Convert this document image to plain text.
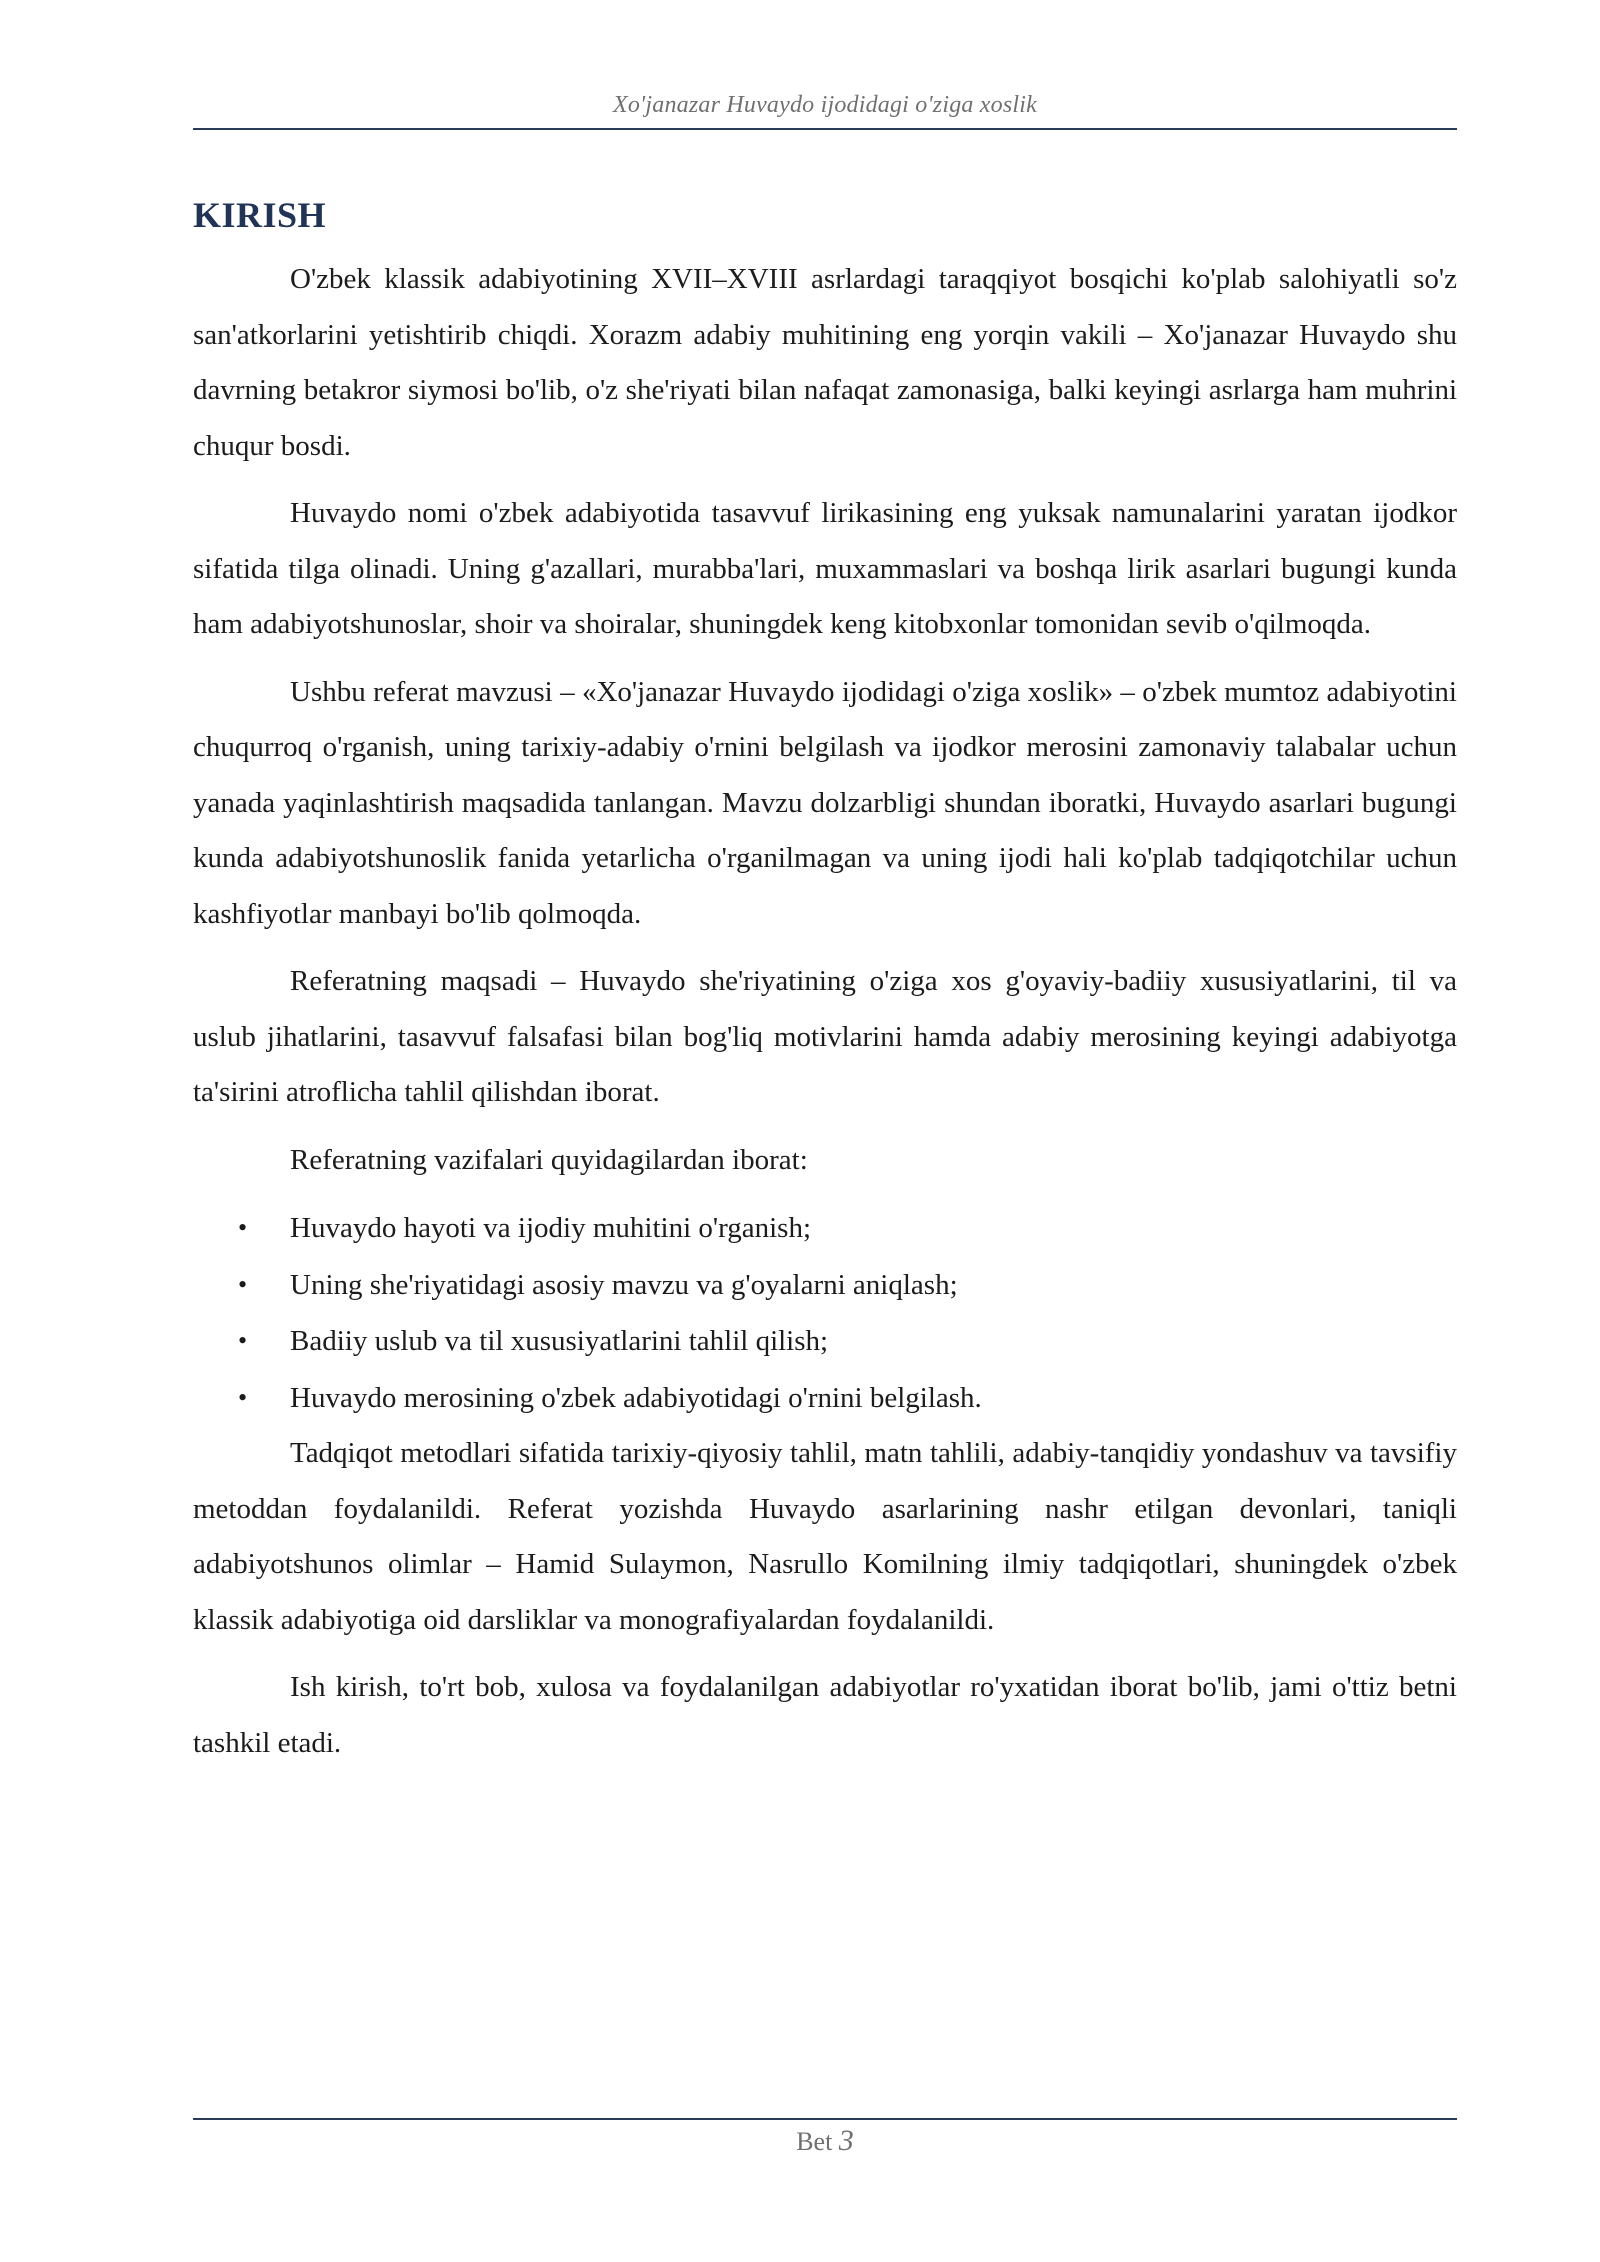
Xo'janazar Huvaydo ijodidagi o'ziga xoslik
KIRISH

O'zbek klassik adabiyotining XVII–XVIII asrlardagi taraqqiyot bosqichi ko'plab salohiyatli so'z san'atkorlarini yetishtirib chiqdi. Xorazm adabiy muhitining eng yorqin vakili – Xo'janazar Huvaydo shu davrning betakror siymosi bo'lib, o'z she'riyati bilan nafaqat zamonasiga, balki keyingi asrlarga ham muhrini chuqur bosdi.

Huvaydo nomi o'zbek adabiyotida tasavvuf lirikasining eng yuksak namunalarini yaratan ijodkor sifatida tilga olinadi. Uning g'azallari, murabba'lari, muxammaslari va boshqa lirik asarlari bugungi kunda ham adabiyotshunoslar, shoir va shoiralar, shuningdek keng kitobxonlar tomonidan sevib o'qilmoqda.

Ushbu referat mavzusi – «Xo'janazar Huvaydo ijodidagi o'ziga xoslik» – o'zbek mumtoz adabiyotini chuqurroq o'rganish, uning tarixiy-adabiy o'rnini belgilash va ijodkor merosini zamonaviy talabalar uchun yanada yaqinlashtirish maqsadida tanlangan. Mavzu dolzarbligi shundan iboratki, Huvaydo asarlari bugungi kunda adabiyotshunoslik fanida yetarlicha o'rganilmagan va uning ijodi hali ko'plab tadqiqotchilar uchun kashfiyotlar manbayi bo'lib qolmoqda.

Referatning maqsadi – Huvaydo she'riyatining o'ziga xos g'oyaviy-badiiy xususiyatlarini, til va uslub jihatlarini, tasavvuf falsafasi bilan bog'liq motivlarini hamda adabiy merosining keyingi adabiyotga ta'sirini atroflicha tahlil qilishdan iborat.

Referatning vazifalari quyidagilardan iborat:

• Huvaydo hayoti va ijodiy muhitini o'rganish;
• Uning she'riyatidagi asosiy mavzu va g'oyalarni aniqlash;
• Badiiy uslub va til xususiyatlarini tahlil qilish;
• Huvaydo merosining o'zbek adabiyotidagi o'rnini belgilash.

Tadqiqot metodlari sifatida tarixiy-qiyosiy tahlil, matn tahlili, adabiy-tanqidiy yondashuv va tavsifiy metoddan foydalanildi. Referat yozishda Huvaydo asarlarining nashr etilgan devonlari, taniqli adabiyotshunos olimlar – Hamid Sulaymon, Nasrullo Komilning ilmiy tadqiqotlari, shuningdek o'zbek klassik adabiyotiga oid darsliklar va monografiyalardan foydalanildi.

Ish kirish, to'rt bob, xulosa va foydalanilgan adabiyotlar ro'yxatidan iborat bo'lib, jami o'ttiz betni tashkil etadi.

Bet 3
